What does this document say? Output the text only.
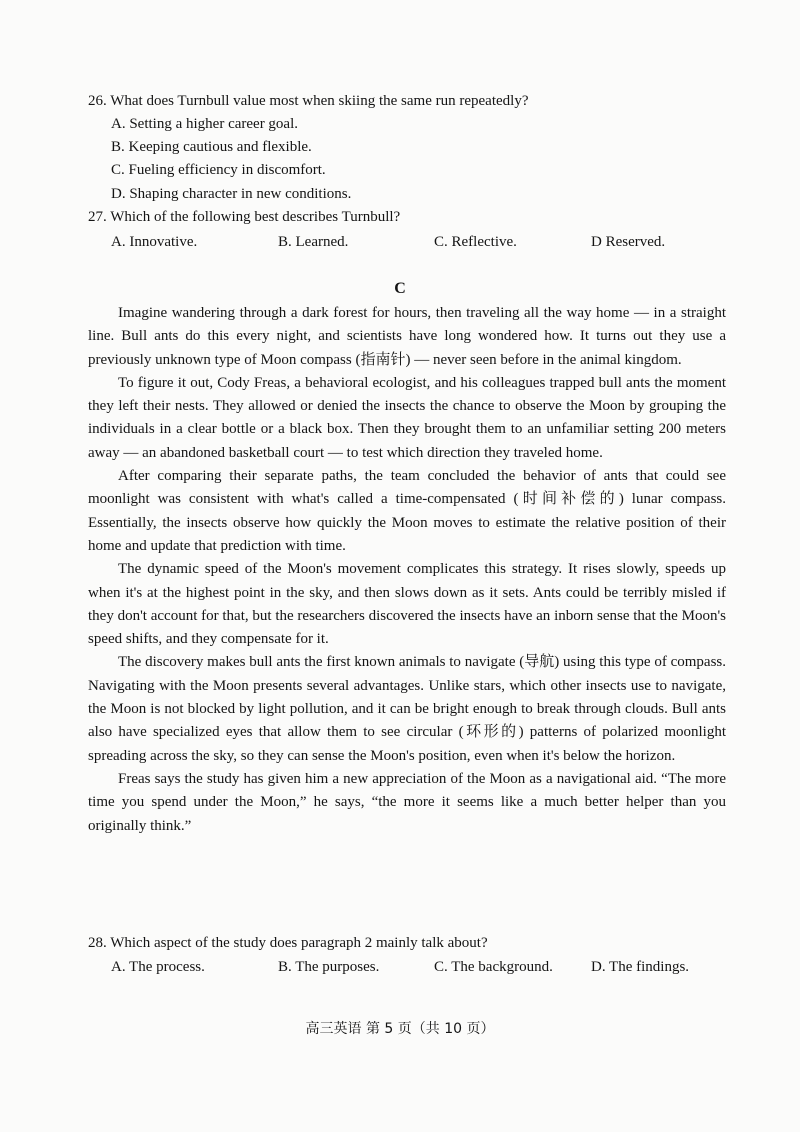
26. What does Turnbull value most when skiing the same run repeatedly?
A. Setting a higher career goal.
B. Keeping cautious and flexible.
C. Fueling efficiency in discomfort.
D. Shaping character in new conditions.
27. Which of the following best describes Turnbull?
A. Innovative.	B. Learned.	C. Reflective.	D Reserved.
C

Imagine wandering through a dark forest for hours, then traveling all the way home — in a straight line. Bull ants do this every night, and scientists have long wondered how. It turns out they use a previously unknown type of Moon compass (指南针) — never seen before in the animal kingdom.

To figure it out, Cody Freas, a behavioral ecologist, and his colleagues trapped bull ants the moment they left their nests. They allowed or denied the insects the chance to observe the Moon by grouping the individuals in a clear bottle or a black box. Then they brought them to an unfamiliar setting 200 meters away — an abandoned basketball court — to test which direction they traveled home.

After comparing their separate paths, the team concluded the behavior of ants that could see moonlight was consistent with what's called a time-compensated (时间补偿的) lunar compass. Essentially, the insects observe how quickly the Moon moves to estimate the relative position of their home and update that prediction with time.

The dynamic speed of the Moon's movement complicates this strategy. It rises slowly, speeds up when it's at the highest point in the sky, and then slows down as it sets. Ants could be terribly misled if they don't account for that, but the researchers discovered the insects have an inborn sense that the Moon's speed shifts, and they compensate for it.

The discovery makes bull ants the first known animals to navigate (导航) using this type of compass. Navigating with the Moon presents several advantages. Unlike stars, which other insects use to navigate, the Moon is not blocked by light pollution, and it can be bright enough to break through clouds. Bull ants also have specialized eyes that allow them to see circular (环形的) patterns of polarized moonlight spreading across the sky, so they can sense the Moon's position, even when it's below the horizon.

Freas says the study has given him a new appreciation of the Moon as a navigational aid. “The more time you spend under the Moon,” he says, “the more it seems like a much better helper than you originally think.”

28. Which aspect of the study does paragraph 2 mainly talk about?
A. The process.	B. The purposes.	C. The background.	D. The findings.
高三英语 第 5 页（共 10 页）
